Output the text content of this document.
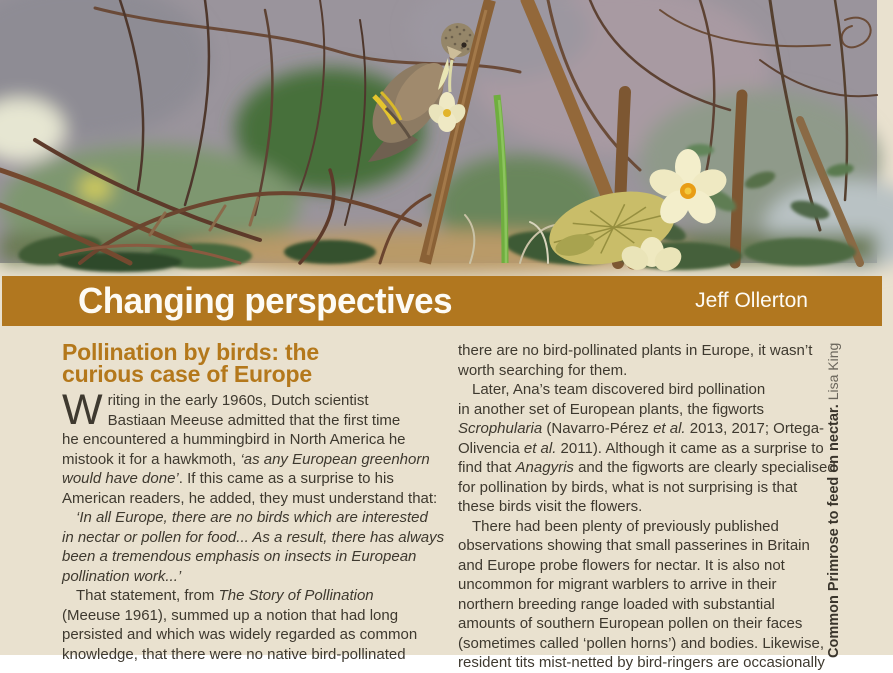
Changing perspectives	Jeff Ollerton
Pollination by birds: the
curious case of Europe
W riting in the early 1960s, Dutch scientist
Bastiaan Meeuse admitted that the first time
he encountered a hummingbird in North America he
mistook it for a hawkmoth, ‘as any European greenhorn
would have done’. If this came as a surprise to his
American readers, he added, they must understand that:
‘In all Europe, there are no birds which are interested
in nectar or pollen for food... As a result, there has always
been a tremendous emphasis on insects in European
pollination work...’
That statement, from The Story of Pollination
(Meeuse 1961), summed up a notion that had long
persisted and which was widely regarded as common
knowledge, that there were no native bird-pollinated
there are no bird-pollinated plants in Europe, it wasn’t
worth searching for them.
Later, Ana’s team discovered bird pollination
in another set of European plants, the figworts
Scrophularia (Navarro-Pérez et al. 2013, 2017; Ortega-
Olivencia et al. 2011). Although it came as a surprise to
find that Anagyris and the figworts are clearly specialised
for pollination by birds, what is not surprising is that
these birds visit the flowers.
There had been plenty of previously published
observations showing that small passerines in Britain
and Europe probe flowers for nectar. It is also not
uncommon for migrant warblers to arrive in their
northern breeding range loaded with substantial
amounts of southern European pollen on their faces
(sometimes called ‘pollen horns’) and bodies. Likewise,
resident tits mist-netted by bird-ringers are occasionally
Common Primrose to feed on nectar. Lisa King
